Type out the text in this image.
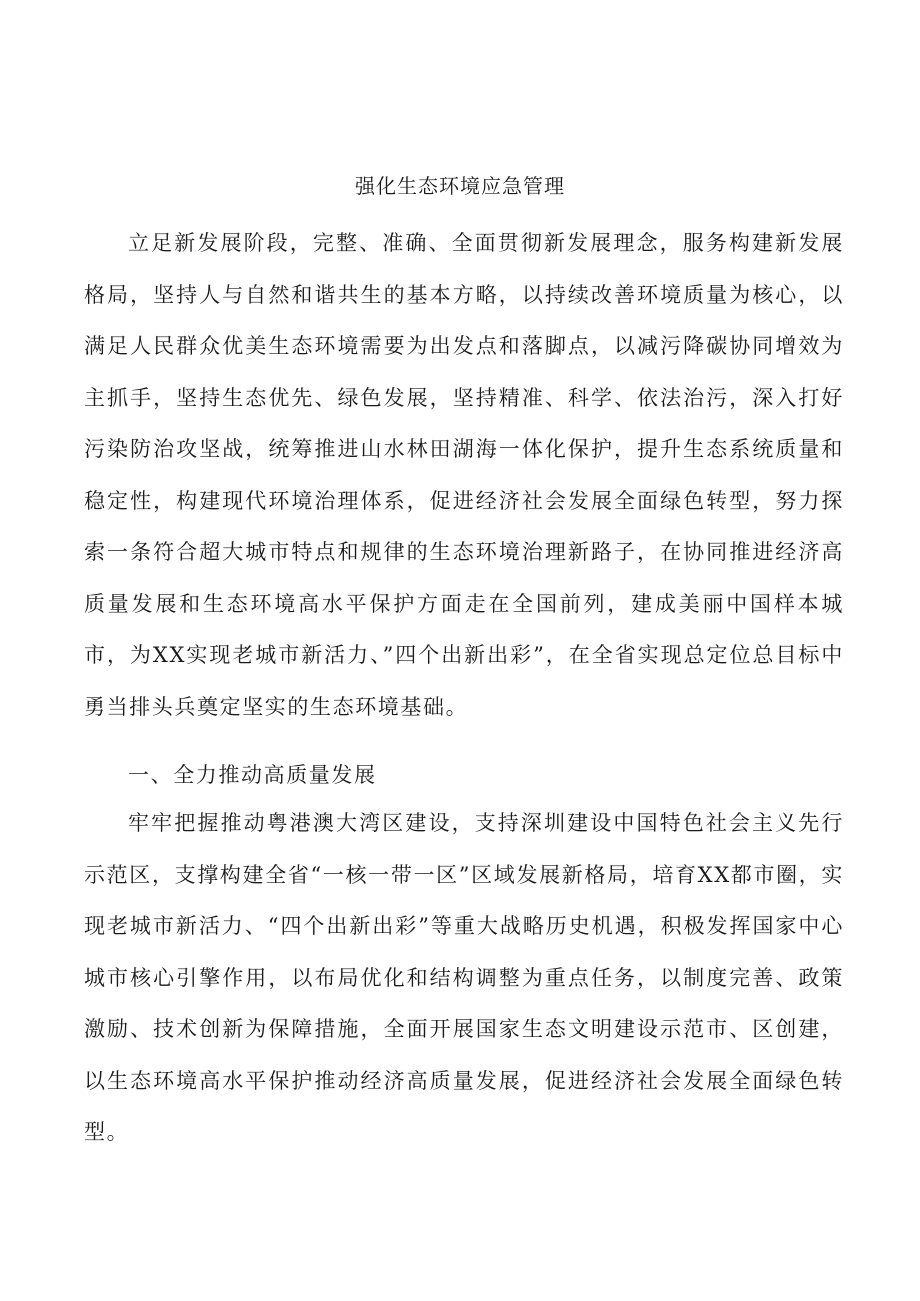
强化生态环境应急管理

立足新发展阶段，完整、准确、全面贯彻新发展理念，服务构建新发展格局，坚持人与自然和谐共生的基本方略，以持续改善环境质量为核心，以满足人民群众优美生态环境需要为出发点和落脚点，以减污降碳协同增效为主抓手，坚持生态优先、绿色发展，坚持精准、科学、依法治污，深入打好污染防治攻坚战，统筹推进山水林田湖海一体化保护，提升生态系统质量和稳定性，构建现代环境治理体系，促进经济社会发展全面绿色转型，努力探索一条符合超大城市特点和规律的生态环境治理新路子，在协同推进经济高质量发展和生态环境高水平保护方面走在全国前列，建成美丽中国样本城市，为XX实现老城市新活力、”四个出新出彩”，在全省实现总定位总目标中勇当排头兵奠定坚实的生态环境基础。

一、全力推动高质量发展

牢牢把握推动粤港澳大湾区建设，支持深圳建设中国特色社会主义先行示范区，支撑构建全省“一核一带一区”区域发展新格局，培育XX都市圈，实现老城市新活力、“四个出新出彩”等重大战略历史机遇，积极发挥国家中心城市核心引擎作用，以布局优化和结构调整为重点任务，以制度完善、政策激励、技术创新为保障措施，全面开展国家生态文明建设示范市、区创建，以生态环境高水平保护推动经济高质量发展，促进经济社会发展全面绿色转型。
